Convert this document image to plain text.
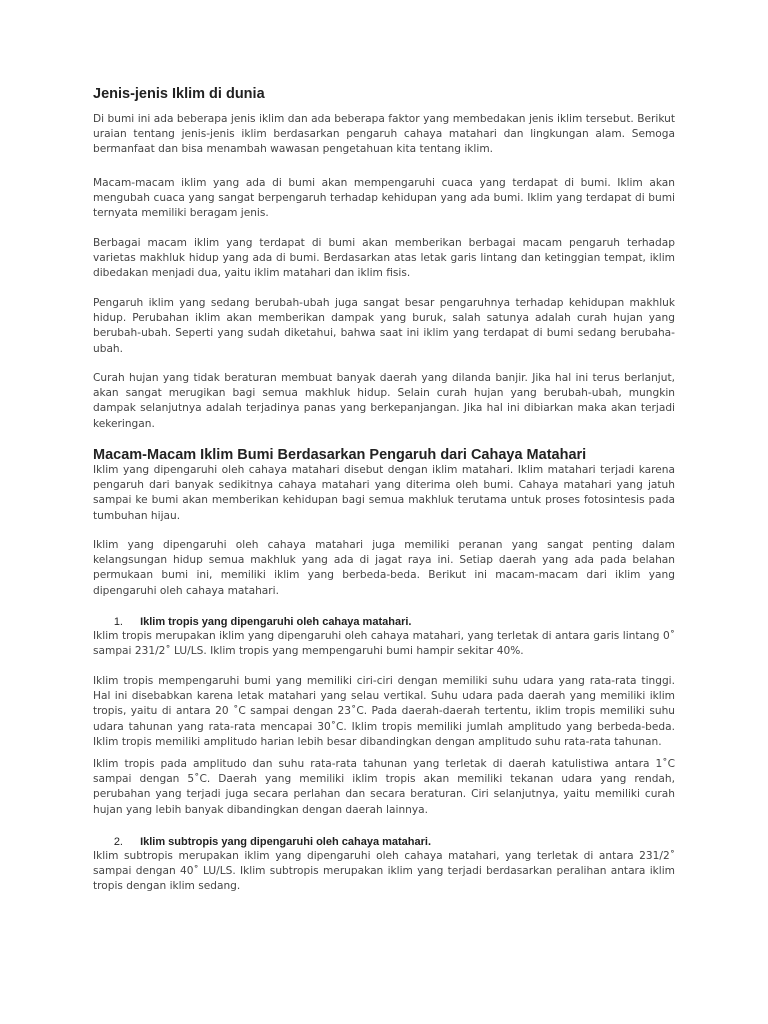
Jenis-jenis Iklim di dunia

Di bumi ini ada beberapa jenis iklim dan ada beberapa faktor yang membedakan jenis iklim tersebut. Berikut uraian tentang jenis-jenis iklim berdasarkan pengaruh cahaya matahari dan lingkungan alam. Semoga bermanfaat dan bisa menambah wawasan pengetahuan kita tentang iklim.

Macam-macam iklim yang ada di bumi akan mempengaruhi cuaca yang terdapat di bumi. Iklim akan mengubah cuaca yang sangat berpengaruh terhadap kehidupan yang ada bumi. Iklim yang terdapat di bumi ternyata memiliki beragam jenis.

Berbagai macam iklim yang terdapat di bumi akan memberikan berbagai macam pengaruh terhadap varietas makhluk hidup yang ada di bumi. Berdasarkan atas letak garis lintang dan ketinggian tempat, iklim dibedakan menjadi dua, yaitu iklim matahari dan iklim fisis.

Pengaruh iklim yang sedang berubah-ubah juga sangat besar pengaruhnya terhadap kehidupan makhluk hidup. Perubahan iklim akan memberikan dampak yang buruk, salah satunya adalah curah hujan yang berubah-ubah. Seperti yang sudah diketahui, bahwa saat ini iklim yang terdapat di bumi sedang berubaha-ubah.

Curah hujan yang tidak beraturan membuat banyak daerah yang dilanda banjir. Jika hal ini terus berlanjut, akan sangat merugikan bagi semua makhluk hidup. Selain curah hujan yang berubah-ubah, mungkin dampak selanjutnya adalah terjadinya panas yang berkepanjangan. Jika hal ini dibiarkan maka akan terjadi kekeringan.

Macam-Macam Iklim Bumi Berdasarkan Pengaruh dari Cahaya Matahari

Iklim yang dipengaruhi oleh cahaya matahari disebut dengan iklim matahari. Iklim matahari terjadi karena pengaruh dari banyak sedikitnya cahaya matahari yang diterima oleh bumi. Cahaya matahari yang jatuh sampai ke bumi akan memberikan kehidupan bagi semua makhluk terutama untuk proses fotosintesis pada tumbuhan hijau.

Iklim yang dipengaruhi oleh cahaya matahari juga memiliki peranan yang sangat penting dalam kelangsungan hidup semua makhluk yang ada di jagat raya ini. Setiap daerah yang ada pada belahan permukaan bumi ini, memiliki iklim yang berbeda-beda. Berikut ini macam-macam dari iklim yang dipengaruhi oleh cahaya matahari.

1. Iklim tropis yang dipengaruhi oleh cahaya matahari.

Iklim tropis merupakan iklim yang dipengaruhi oleh cahaya matahari, yang terletak di antara garis lintang 0˚ sampai 231/2˚ LU/LS. Iklim tropis yang mempengaruhi bumi hampir sekitar 40%.

Iklim tropis mempengaruhi bumi yang memiliki ciri-ciri dengan memiliki suhu udara yang rata-rata tinggi. Hal ini disebabkan karena letak matahari yang selau vertikal. Suhu udara pada daerah yang memiliki iklim tropis, yaitu di antara 20 ˚C sampai dengan 23˚C. Pada daerah-daerah tertentu, iklim tropis memiliki suhu udara tahunan yang rata-rata mencapai 30˚C. Iklim tropis memiliki jumlah amplitudo yang berbeda-beda. Iklim tropis memiliki amplitudo harian lebih besar dibandingkan dengan amplitudo suhu rata-rata tahunan.

Iklim tropis pada amplitudo dan suhu rata-rata tahunan yang terletak di daerah katulistiwa antara 1˚C sampai dengan 5˚C. Daerah yang memiliki iklim tropis akan memiliki tekanan udara yang rendah, perubahan yang terjadi juga secara perlahan dan secara beraturan. Ciri selanjutnya, yaitu memiliki curah hujan yang lebih banyak dibandingkan dengan daerah lainnya.

2. Iklim subtropis yang dipengaruhi oleh cahaya matahari.

Iklim subtropis merupakan iklim yang dipengaruhi oleh cahaya matahari, yang terletak di antara 231/2˚ sampai dengan 40˚ LU/LS. Iklim subtropis merupakan iklim yang terjadi berdasarkan peralihan antara iklim tropis dengan iklim sedang.
